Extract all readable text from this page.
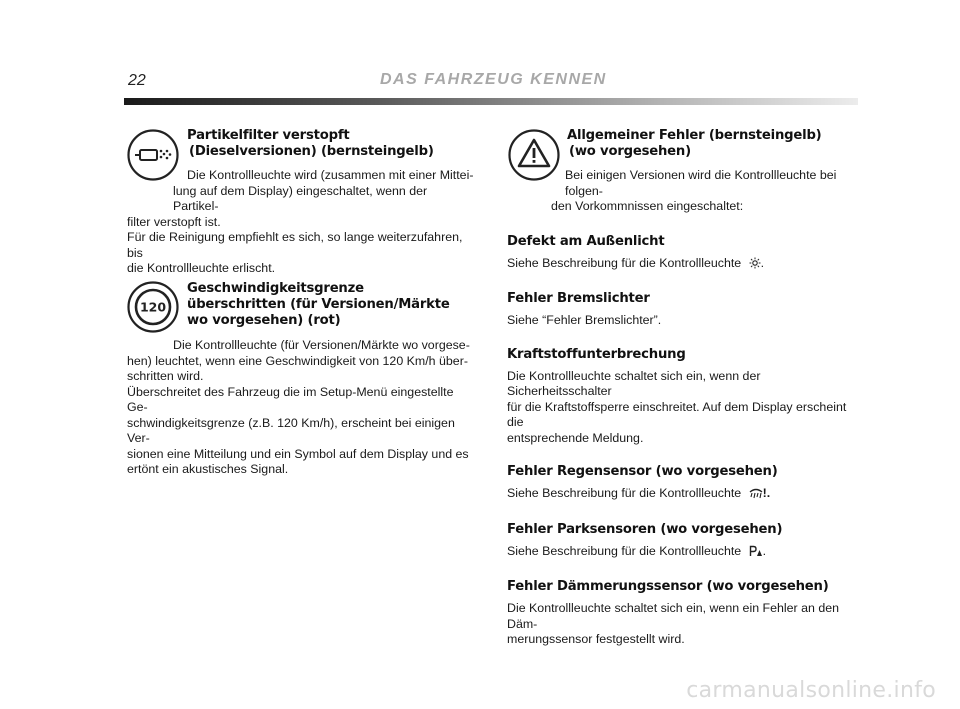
22	DAS FAHRZEUG KENNEN
Partikelfilter verstopft
(Dieselversionen) (bernsteingelb)

Die Kontrollleuchte wird (zusammen mit einer Mittei-

lung auf dem Display) eingeschaltet, wenn der Partikel-

filter verstopft ist.

Für die Reinigung empfiehlt es sich, so lange weiterzufahren, bis

die Kontrollleuchte erlischt.

120
Geschwindigkeitsgrenze
überschritten (für Versionen/Märkte
wo vorgesehen) (rot)

Die Kontrollleuchte (für Versionen/Märkte wo vorgese-

hen) leuchtet, wenn eine Geschwindigkeit von 120 Km/h über-

schritten wird.

Überschreitet des Fahrzeug die im Setup-Menü eingestellte Ge-

schwindigkeitsgrenze (z.B. 120 Km/h), erscheint bei einigen Ver-

sionen eine Mitteilung und ein Symbol auf dem Display und es

ertönt ein akustisches Signal.

Allgemeiner Fehler (bernsteingelb)
(wo vorgesehen)

Bei einigen Versionen wird die Kontrollleuchte bei folgen-

den Vorkommnissen eingeschaltet:

Defekt am Außenlicht

Siehe Beschreibung für die Kontrollleuchte .

Fehler Bremslichter

Siehe “Fehler Bremslichter”.

Kraftstoffunterbrechung

Die Kontrollleuchte schaltet sich ein, wenn der Sicherheitsschalter

für die Kraftstoffsperre einschreitet. Auf dem Display erscheint die

entsprechende Meldung.

Fehler Regensensor (wo vorgesehen)

Siehe Beschreibung für die Kontrollleuchte !.

Fehler Parksensoren (wo vorgesehen)

Siehe Beschreibung für die Kontrollleuchte .

Fehler Dämmerungssensor (wo vorgesehen)

Die Kontrollleuchte schaltet sich ein, wenn ein Fehler an den Däm-

merungssensor festgestellt wird.

carmanualsonline.info
